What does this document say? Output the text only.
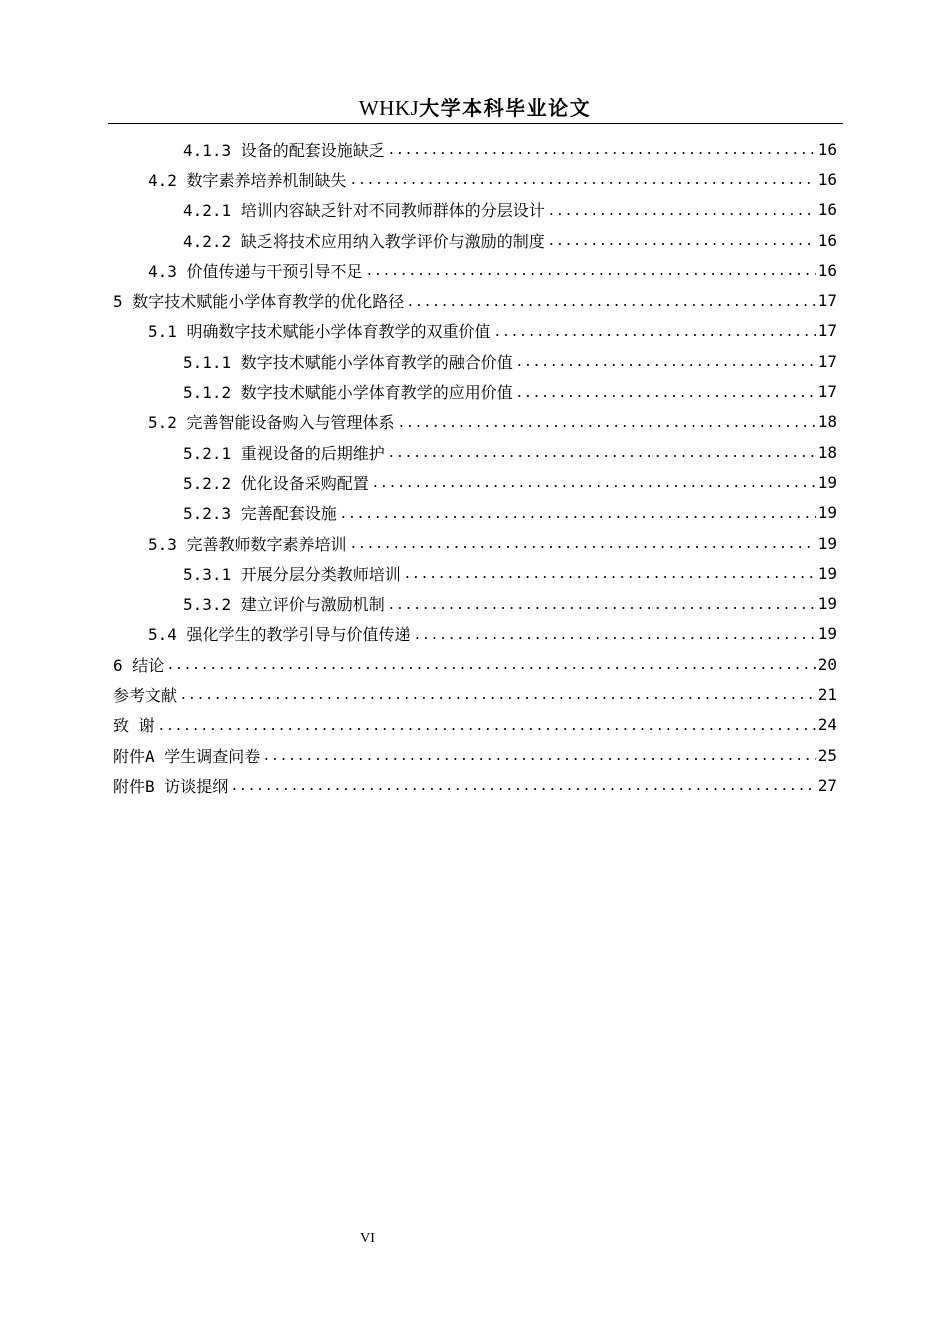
WHKJ大学本科毕业论文
4.1.3 设备的配套设施缺乏	16
4.2 数字素养培养机制缺失	16
4.2.1 培训内容缺乏针对不同教师群体的分层设计	16
4.2.2 缺乏将技术应用纳入教学评价与激励的制度	16
4.3 价值传递与干预引导不足	16
5 数字技术赋能小学体育教学的优化路径	17
5.1 明确数字技术赋能小学体育教学的双重价值	17
5.1.1 数字技术赋能小学体育教学的融合价值	17
5.1.2 数字技术赋能小学体育教学的应用价值	17
5.2 完善智能设备购入与管理体系	18
5.2.1 重视设备的后期维护	18
5.2.2 优化设备采购配置	19
5.2.3 完善配套设施	19
5.3 完善教师数字素养培训	19
5.3.1 开展分层分类教师培训	19
5.3.2 建立评价与激励机制	19
5.4 强化学生的教学引导与价值传递	19
6 结论	20
参考文献	21
致 谢	24
附件A 学生调查问卷	25
附件B 访谈提纲	27
VI
